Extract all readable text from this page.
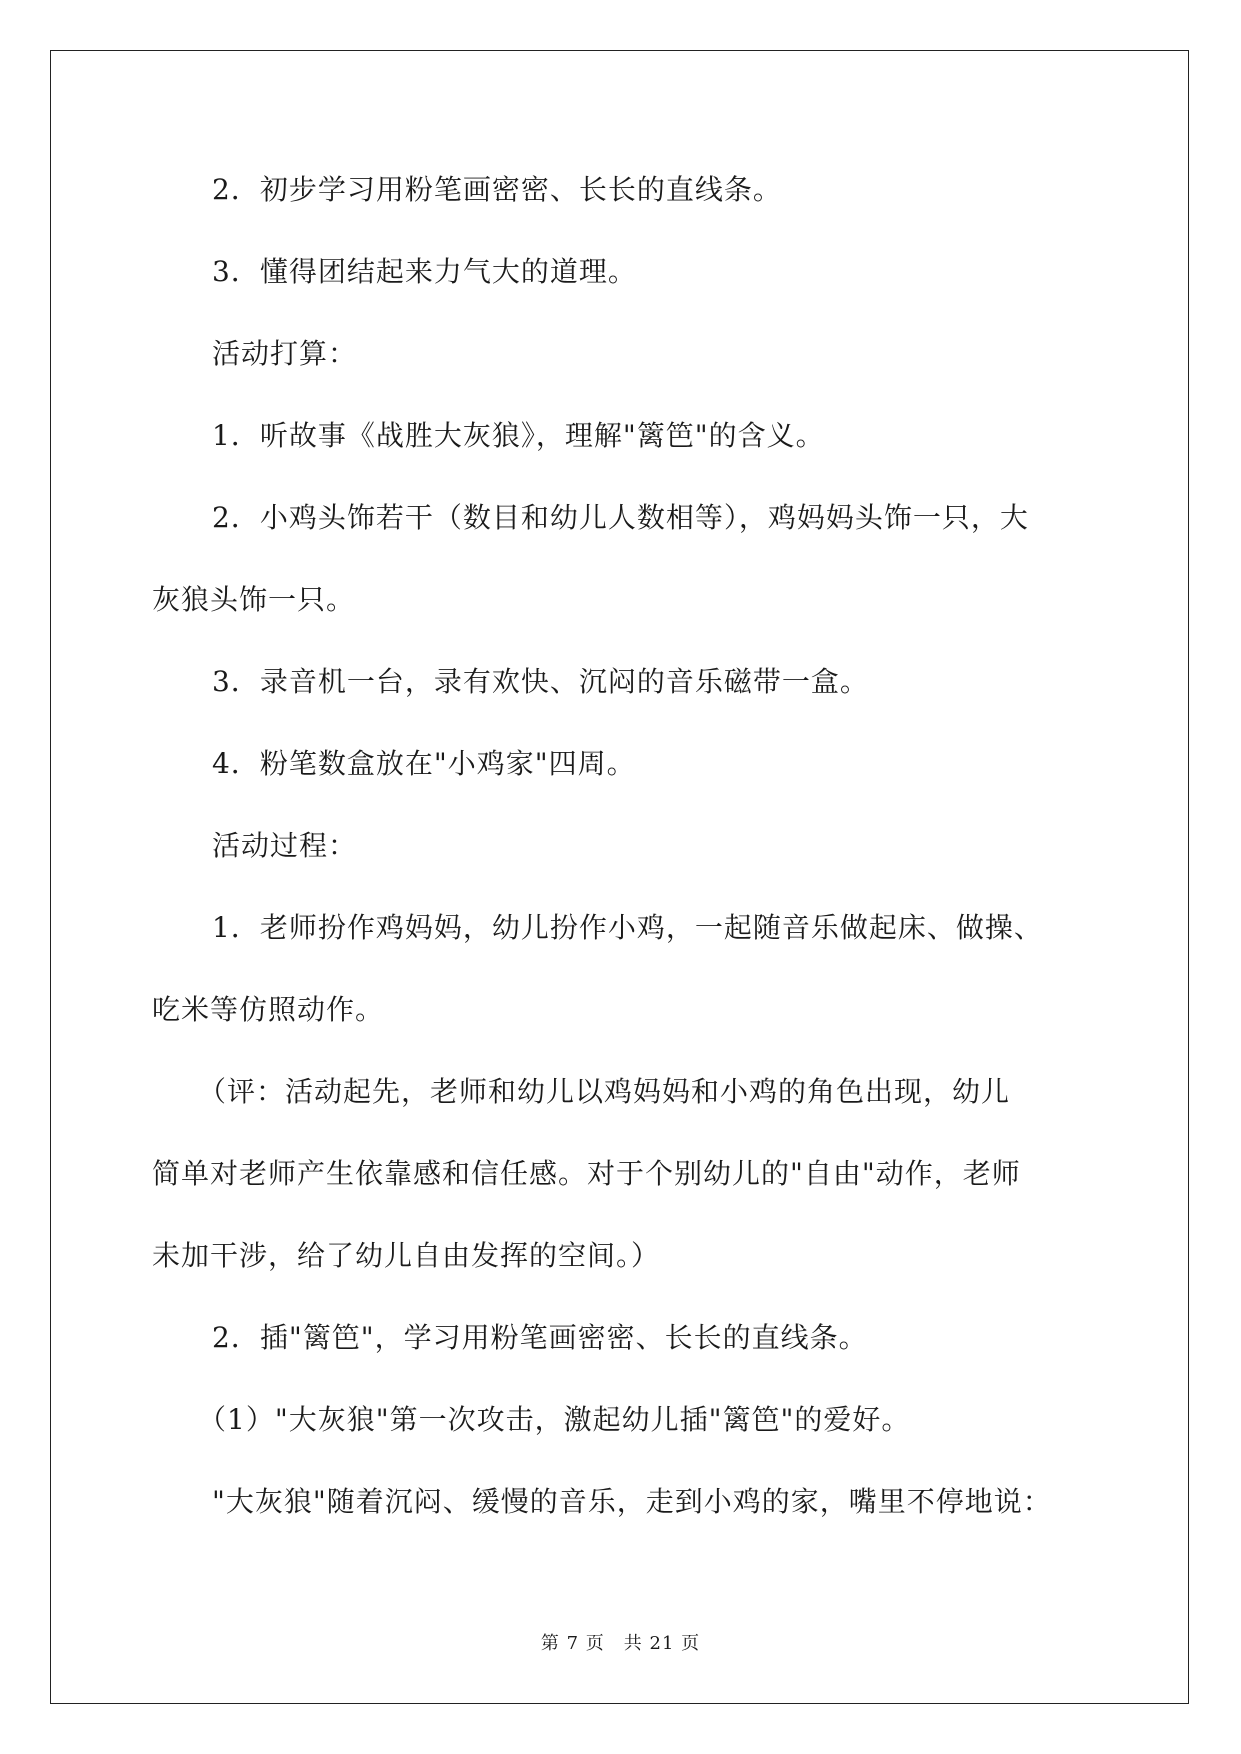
2．初步学习用粉笔画密密、长长的直线条。
3．懂得团结起来力气大的道理。
活动打算：
1．听故事《战胜大灰狼》，理解"篱笆"的含义。
2．小鸡头饰若干（数目和幼儿人数相等），鸡妈妈头饰一只，大
灰狼头饰一只。
3．录音机一台，录有欢快、沉闷的音乐磁带一盒。
4．粉笔数盒放在"小鸡家"四周。
活动过程：
1．老师扮作鸡妈妈，幼儿扮作小鸡，一起随音乐做起床、做操、
吃米等仿照动作。
（评：活动起先，老师和幼儿以鸡妈妈和小鸡的角色出现，幼儿
简单对老师产生依靠感和信任感。对于个别幼儿的"自由"动作，老师
未加干涉，给了幼儿自由发挥的空间。）
2．插"篱笆"，学习用粉笔画密密、长长的直线条。
（1）"大灰狼"第一次攻击，激起幼儿插"篱笆"的爱好。
"大灰狼"随着沉闷、缓慢的音乐，走到小鸡的家，嘴里不停地说：
第 7 页　共 21 页
